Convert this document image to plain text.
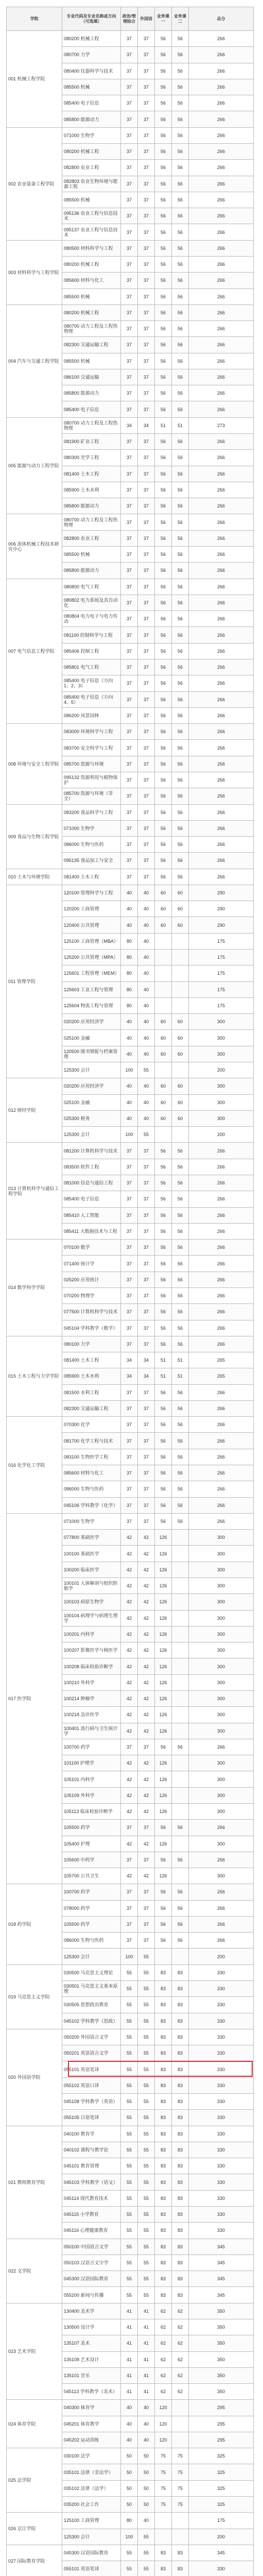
学院	专业代码及专业名称或方向（可选填）	政治/管理综合	外国语	业务课一	业务课二	总分
001 机械工程学院	080200 机械工程	37	37	56	56	266
	080700 力学	37	37	56	56	266
	080400 仪器科学与技术	37	37	56	56	266
	085500 机械	37	37	56	56	266
	085400 电子信息	37	37	56	56	266
	085800 能源动力	37	37	56	56	266
002 农业装备工程学院	071000 生物学	37	37	56	56	266
	080200 机械工程	37	37	56	56	266
	082800 农业工程	37	37	56	56	266
	082803 农业生物环境与能源工程	37	37	56	56	266
	085500 机械	37	37	56	56	266
	095136 农业工程与信息技术	37	37	56	56	266
	095137 农业工程与信息技术	37	37	56	56	266
003 材料科学与工程学院	080500 材料科学与工程	37	37	56	56	266
	080200 机械工程	37	37	56	56	266
	085600 材料与化工	37	37	56	56	266
	085500 机械	37	37	56	56	266
004 汽车与交通工程学院	080200 机械工程	37	37	56	56	266
	080700 动力工程及工程热物理	37	37	56	56	266
	082300 交通运输工程	37	37	56	56	266
	085500 机械	37	37	56	56	266
	086100 交通运输	37	37	56	56	266
	085800 能源动力	37	37	56	56	266
	085400 电子信息	37	37	56	56	266
005 能源与动力工程学院	080700 动力工程及工程热物理	34	34	51	51	273
	081900 矿业工程	37	37	56	56	266
	080300 光学工程	37	37	56	56	266
	081400 土木工程	37	37	56	56	266
	085900 土木水利	37	37	56	56	266
	085800 能源动力	37	37	56	56	266
006 流体机械工程技术研究中心	080700 动力工程及工程热物理	37	37	56	56	266
	082800 农业工程	37	37	56	56	266
	085500 机械	37	37	56	56	266
	085800 能源动力	37	37	56	56	266
007 电气信息工程学院	080800 电气工程	37	37	56	56	266
	080802 电力系统及其自动化	37	37	56	56	266
	080804 电力电子与电力传动	37	37	56	56	266
	081100 控制科学与工程	37	37	56	56	266
	085406 控制工程	37	37	56	56	266
	085801 电气工程	37	37	56	56	266
	085400 电子信息（方向1、2、3）	37	37	56	56	266
	085400 电子信息（方向4、5）	37	37	56	56	266
	086200 风景园林	37	37	56	56	266
008 环境与安全工程学院	083000 环境科学与工程	37	37	56	56	266
	083700 安全科学与工程	37	37	56	56	266
	085700 资源与环境	37	37	56	56	266
	095132 资源利用与植物保护	37	37	56	56	266
	085700 资源与环境（非全）	37	37	56	56	266
009 食品与生物工程学院	083200 食品科学与工程	37	37	56	56	266
	071000 生物学	37	37	56	56	266
	086000 生物与医药	37	37	56	56	266
	095135 食品加工与安全	37	37	56	56	266
010 土木与环境学院	081400 土木工程	37	37	56	56	266
011 管理学院	120100 管理科学与工程	40	40	60	60	290
	120200 工商管理	40	40	60	60	290
	120400 公共管理	40	40	60	60	290
	125100 工商管理（MBA）	80	40			175
	125200 公共管理（MPA）	80	40			175
	125601 工程管理（MEM）	80	40			175
	125603 工业工程与管理	80	40			175
	125604 物流工程与管理	80	40			175
	020200 应用经济学	40	40	60	60	300
	025100 金融	40	40	60	60	300
	120500 图书情报与档案管理	40	40	60	60	300
	125300 会计	100	55			200
012 财经学院	020200 应用经济学	40	40	60	60	300
	025100 金融	40	40	60	60	300
	025300 税务	40	40	60	60	300
	125300 会计	100	55			200
013 计算机科学与通信工程学院	081200 计算机科学与技术	37	37	56	56	266
	083500 软件工程	37	37	56	56	266
	081000 信息与通信工程	37	37	56	56	266
	085400 电子信息	37	37	56	56	266
	085410 人工智能	37	37	56	56	266
	085411 大数据技术与工程	37	37	56	56	266
014 数学科学学院	070100 数学	37	37	56	56	266
	071400 统计学	37	37	56	56	266
	025200 应用统计	37	37	56	56	266
	070200 物理学	37	37	56	56	266
	077500 计算机科学与技术	37	37	56	56	266
	045104 学科教学（数学）	37	37	56	56	266
015 土木工程与力学学院	080100 力学	37	37	56	56	266
	081400 土木工程	34	34	51	51	265
	085900 土木水利	34	34	51	51	265
	081500 水利工程	37	37	56	56	266
	082300 交通运输工程	37	37	56	56	266
016 化学化工学院	070300 化学	37	37	56	56	266
	081700 化学工程与技术	37	37	56	56	266
	083100 生物医学工程	37	37	56	56	266
	085600 材料与化工	37	37	56	56	266
	086000 生物与医药	37	37	56	56	266
	045106 学科教学（化学）	37	37	56	56	266
017 医学院	071000 生物学	37	37	56	56	266
	077800 基础医学	42	42	126		300
	100100 基础医学	42	42	126		300
	100200 临床医学	42	42	126		300
	100101 人体解剖与组织胚胎学	42	42	126		300
	100103 病原生物学	42	42	126		300
	100104 病理学与病理生理学	42	42	126		300
	100201 内科学	42	42	126		300
	100207 影像医学与核医学	42	42	126		300
	100208 临床检验诊断学	42	42	126		300
	100210 外科学	42	42	126		300
	100214 肿瘤学	42	42	126		300
	100218 急诊医学	42	42	126		300
	100401 流行病与卫生统计学	42	42	126		300
	100700 药学	37	37	56	56	266
	101100 护理学	42	42	126		300
	105101 内科学	42	42	126		300
	105109 外科学	42	42	126		300
	105113 临床检验诊断学	42	42	126		300
	105500 药学	37	37	56	56	266
	105400 护理	42	42	126		300
	105600 中药学	37	37	56	56	266
	105700 公共卫生	42	42	126		300
018 药学院	100700 药学	37	37	56	56	266
	078000 药学	37	37	56	56	266
	105500 药学	37	37	56	56	266
	086000 生物与医药	37	37	56	56	266
	125300 会计	100	55			200
019 马克思主义学院	030500 马克思主义理论	55	55	83	83	330
	030501 马克思主义基本原理	55	55	83	83	330
	030505 思想政治教育	55	55	83	83	330
	045102 学科教学（思政）	55	55	83	83	330
020 外国语学院	050200 外国语言文学	55	55	83	83	330
	050201 英语语言文学	55	55	83	83	330
	055101 英语笔译	55	55	83	83	330
	055102 英语口译	55	55	83	83	330
	045108 学科教学（英语）	55	55	83	83	330
	055105 日语笔译	55	55	83	83	330
021 教师教育学院	040100 教育学	55	55	83	83	330
	040102 课程与教学论	55	55	83	83	330
	045101 教育管理	55	55	83	83	330
	045103 学科教学（语文）	55	55	83	83	330
	045114 现代教育技术	55	55	83	83	330
	045115 小学教育	55	55	83	83	330
	045116 心理健康教育	55	55	83	83	330
022 文学院	050100 中国语言文学	55	55	83	83	345
	050103 汉语言文字学	55	55	83	83	345
	045300 汉语国际教育	55	55	83	83	345
	055200 新闻与传播	55	55	83	83	345
023 艺术学院	130400 美术学	41	41	62	62	350
	130500 设计学	41	41	62	62	350
	135107 美术	41	41	62	62	350
	135108 艺术设计	41	41	62	62	350
	135101 音乐	41	41	62	62	350
	045113 学科教学（美术）	41	41	62	62	350
024 体育学院	040300 体育学	40	40	120		295
	045201 体育教学	40	40	120		295
	045202 运动训练	40	40	120		295
025 法学院	030100 法学	50	50	75	75	325
	035101 法律（非法学）	50	50	75	75	325
	035102 法律（法学）	50	50	75	75	325
	035200 社会工作	50	50	75	75	325
026 京江学院	125100 工商管理	80	40			175
	125300 会计	100	55			200
027 国际教育学院	045300 汉语国际教育	55	55	83	83	345
	055101 英语笔译	55	55	83	83	330
